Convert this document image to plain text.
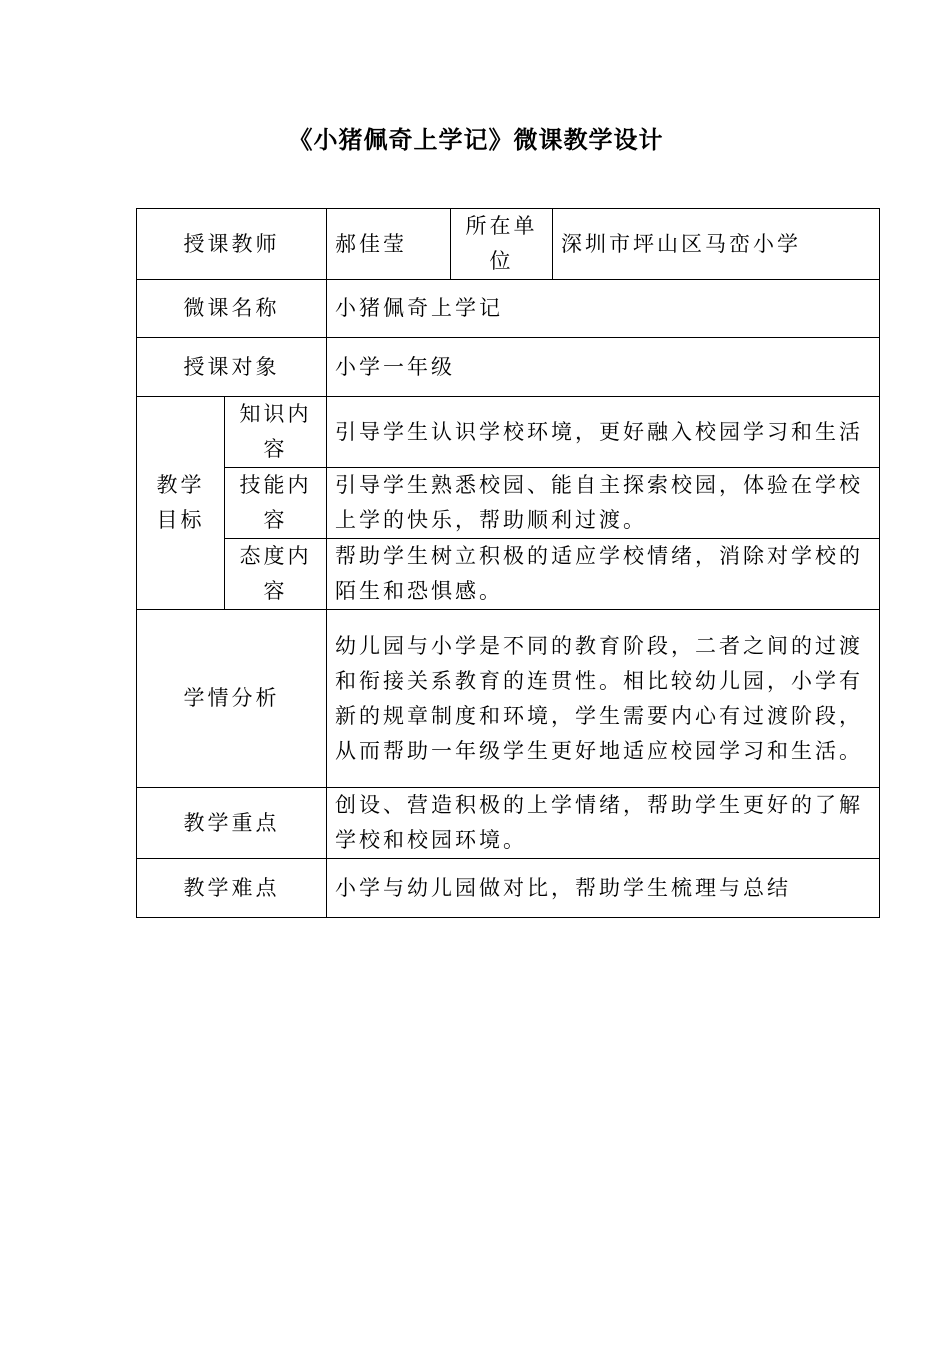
《小猪佩奇上学记》微课教学设计
授课教师		郝佳莹	所在单位	深圳市坪山区马峦小学
微课名称		小猪佩奇上学记		
授课对象		小学一年级		
教学目标	知识内容	引导学生认识学校环境，更好融入校园学习和生活		
	技能内容	引导学生熟悉校园、能自主探索校园，体验在学校上学的快乐，帮助顺利过渡。		
	态度内容	帮助学生树立积极的适应学校情绪，消除对学校的陌生和恐惧感。		
学情分析		幼儿园与小学是不同的教育阶段，二者之间的过渡和衔接关系教育的连贯性。相比较幼儿园，小学有新的规章制度和环境，学生需要内心有过渡阶段，从而帮助一年级学生更好地适应校园学习和生活。		
教学重点		创设、营造积极的上学情绪，帮助学生更好的了解学校和校园环境。		
教学难点		小学与幼儿园做对比，帮助学生梳理与总结		
